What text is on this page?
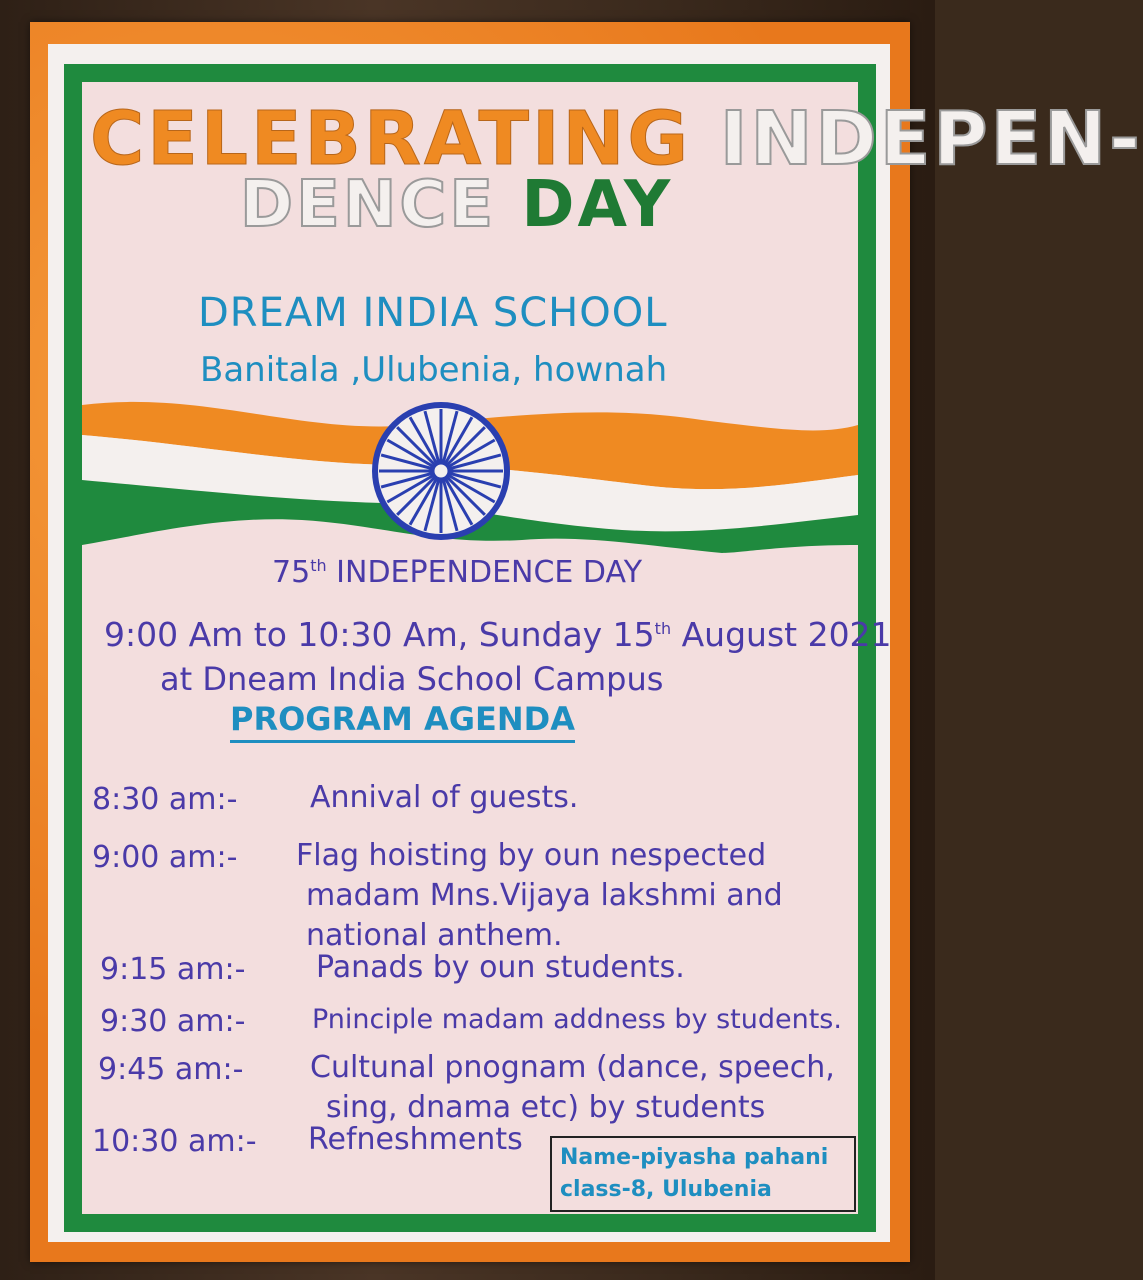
CELEBRATING INDEPEN-
DENCE DAY
DREAM INDIA SCHOOL
Banitala ,Ulubenia, hownah
75th INDEPENDENCE DAY
9:00 Am to 10:30 Am, Sunday 15th August 2021
at Dneam India School Campus
PROGRAM AGENDA
8:30 am:- Annival of guests.
9:00 am:- Flag hoisting by oun nespected
madam Mns.Vijaya lakshmi and
national anthem.
9:15 am:- Panads by oun students.
9:30 am:- Pninciple madam addness by students.
9:45 am:- Cultunal pnognam (dance, speech,
sing, dnama etc) by students
10:30 am:- Refneshments
Name-piyasha pahani
class-8, Ulubenia
